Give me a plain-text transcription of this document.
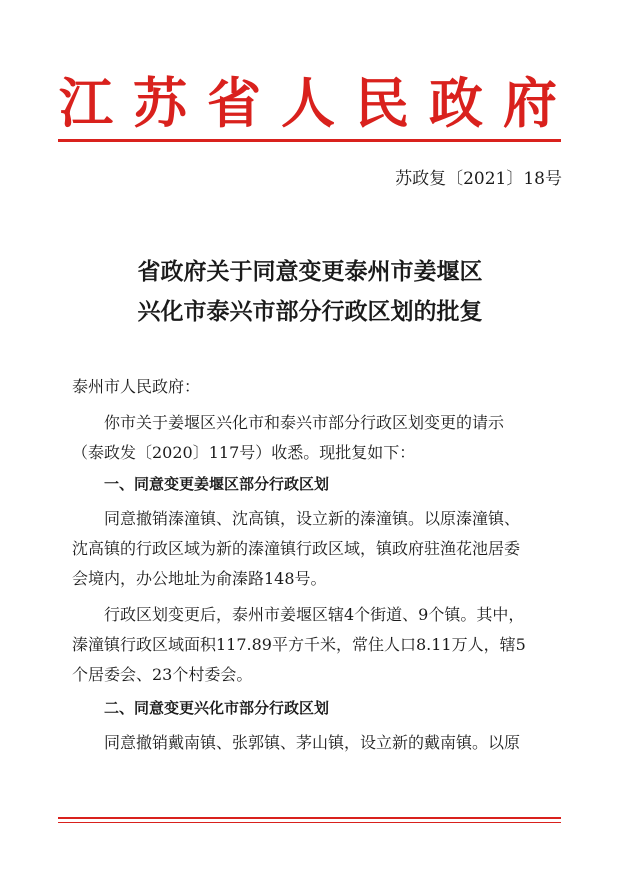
江 苏 省 人 民 政 府
苏政复〔2021〕18号
省政府关于同意变更泰州市姜堰区
兴化市泰兴市部分行政区划的批复
泰州市人民政府：
你市关于姜堰区兴化市和泰兴市部分行政区划变更的请示
（泰政发〔2020〕117号）收悉。现批复如下：
一、同意变更姜堰区部分行政区划
同意撤销溱潼镇、沈高镇，设立新的溱潼镇。以原溱潼镇、
沈高镇的行政区域为新的溱潼镇行政区域，镇政府驻渔花池居委
会境内，办公地址为俞溱路148号。
行政区划变更后，泰州市姜堰区辖4个街道、9个镇。其中，
溱潼镇行政区域面积117.89平方千米，常住人口8.11万人，辖5
个居委会、23个村委会。
二、同意变更兴化市部分行政区划
同意撤销戴南镇、张郭镇、茅山镇，设立新的戴南镇。以原
